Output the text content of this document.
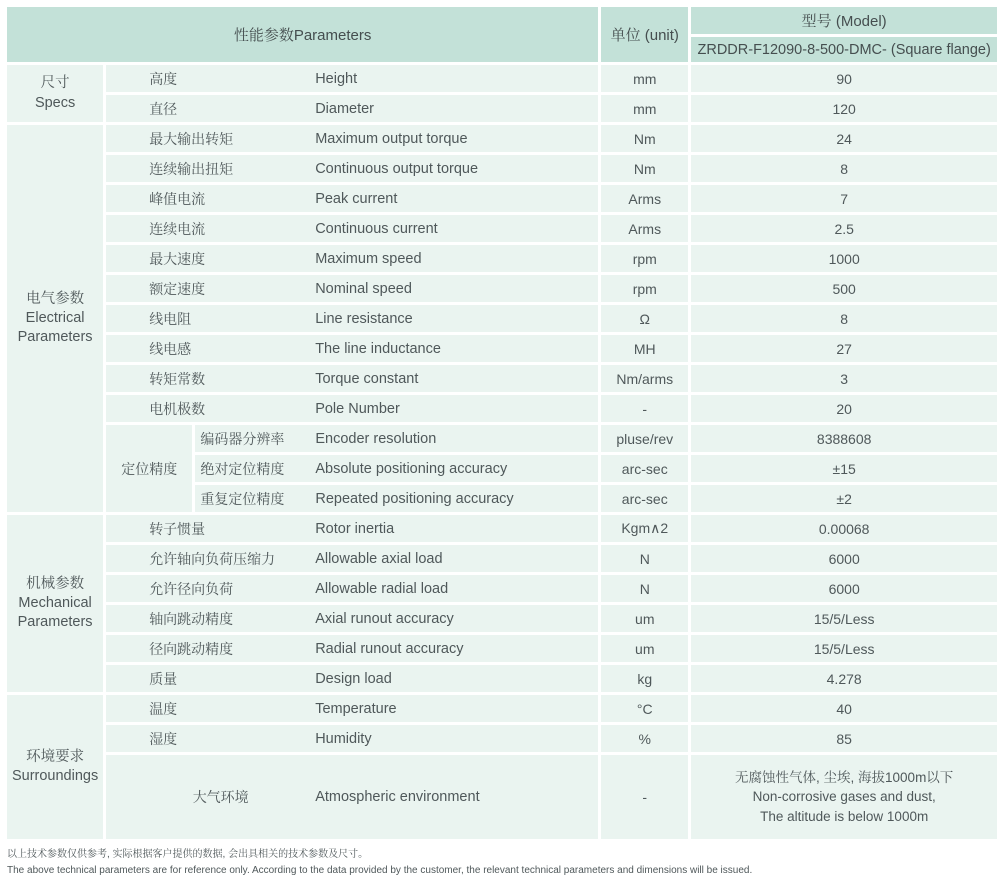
性能参数Parameters			单位 (unit)	型号 (Model)
				ZRDDR-F12090-8-500-DMC- (Square flange)

尺寸
Specs	高度 Height		mm	90
	直径 Diameter		mm	120

电气参数
Electrical Parameters	最大输出转矩 Maximum output torque		Nm	24
	连续输出扭矩 Continuous output torque		Nm	8
	峰值电流 Peak current		Arms	7
	连续电流 Continuous current		Arms	2.5
	最大速度 Maximum speed		rpm	1000
	额定速度 Nominal speed		rpm	500
	线电阻 Line resistance		Ω	8
	线电感 The line inductance		MH	27
	转矩常数 Torque constant		Nm/arms	3
	电机极数 Pole Number		-	20
	定位精度	编码器分辨率 Encoder resolution	pluse/rev	8388608
		绝对定位精度 Absolute positioning accuracy	arc-sec	±15
		重复定位精度 Repeated positioning accuracy	arc-sec	±2

机械参数
Mechanical Parameters	转子惯量 Rotor inertia		Kgm∧2	0.00068
	允许轴向负荷压缩力 Allowable axial load		N	6000
	允许径向负荷 Allowable radial load		N	6000
	轴向跳动精度 Axial runout accuracy		um	15/5/Less
	径向跳动精度 Radial runout accuracy		um	15/5/Less
	质量 Design load		kg	4.278

环境要求
Surroundings	温度 Temperature		°C	40
	湿度 Humidity		%	85
	大气环境 Atmospheric environment		-	无腐蚀性气体, 尘埃, 海拔1000m以下
Non-corrosive gases and dust,
The altitude is below 1000m
以上技术参数仅供参考, 实际根据客户提供的数据, 会出具相关的技术参数及尺寸。
The above technical parameters are for reference only. According to the data provided by the customer, the relevant technical parameters and dimensions will be issued.
